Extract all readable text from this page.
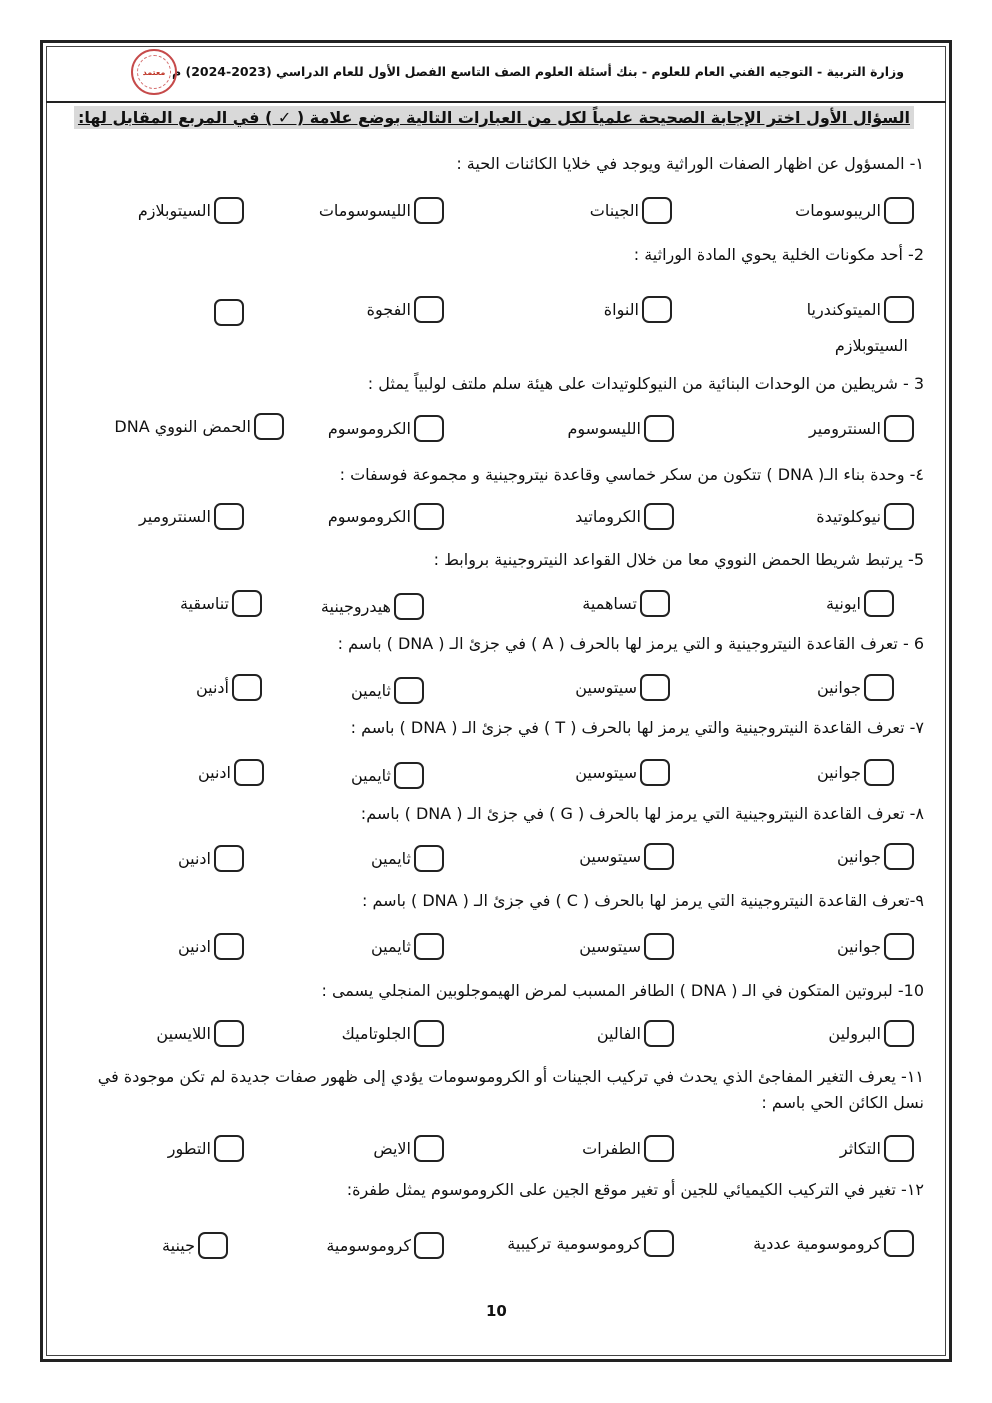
وزارة التربية - التوجيه الفني العام للعلوم - بنك أسئلة العلوم الصف التاسع الفصل الأول للعام الدراسي (2023-2024) م
معتمد
السؤال الأول اختر الإجابة الصحيحة علمياً لكل من العبارات التالية بوضع علامة ( ✓ ) في المربع المقابل لها:
١- المسؤول عن اظهار الصفات الوراثية ويوجد في خلايا الكائنات الحية :
الريبوسومات
الجينات
الليسوسومات
السيتوبلازم
2- أحد مكونات الخلية يحوي المادة الوراثية :
الميتوكندريا
النواة
الفجوة
السيتوبلازم
3 - شريطين من الوحدات البنائية من النيوكلوتيدات على هيئة سلم ملتف لولبياً يمثل :
السنترومير
الليسوسوم
الكروموسوم
الحمض النووي DNA
٤- وحدة بناء الـ( DNA ) تتكون من سكر خماسي وقاعدة نيتروجينية و مجموعة فوسفات :
نيوكلوتيدة
الكروماتيد
الكروموسوم
السنترومير
5- يرتبط شريطا الحمض النووي معا من خلال القواعد النيتروجينية بروابط :
ايونية
تساهمية
هيدروجينية
تناسقية
6 - تعرف القاعدة النيتروجينية و التي يرمز لها بالحرف ( A ) في جزئ الـ ( DNA ) باسم :
جوانين
سيتوسين
ثايمين
أدنين
٧- تعرف القاعدة النيتروجينية والتي يرمز لها بالحرف ( T ) في جزئ الـ ( DNA ) باسم :
جوانين
سيتوسين
ثايمين
ادنين
٨- تعرف القاعدة النيتروجينية التي يرمز لها بالحرف ( G ) في جزئ الـ ( DNA ) باسم:
جوانين
سيتوسين
ثايمين
ادنين
٩-تعرف القاعدة النيتروجينية التي يرمز لها بالحرف ( C ) في جزئ الـ ( DNA ) باسم :
جوانين
سيتوسين
ثايمين
ادنين
10- لبروتين المتكون في الـ ( DNA ) الطافر المسبب لمرض الهيموجلوبين المنجلي يسمى :
البرولين
الفالين
الجلوتاميك
اللايسين
١١- يعرف التغير المفاجئ الذي يحدث في تركيب الجينات أو الكروموسومات يؤدي إلى ظهور صفات جديدة لم تكن موجودة في نسل الكائن الحي باسم :
التكاثر
الطفرات
الايض
التطور
١٢- تغير في التركيب الكيميائي للجين أو تغير موقع الجين على الكروموسوم يمثل طفرة:
كروموسومية عددية
كروموسومية تركيبية
كروموسومية
جينية
10
